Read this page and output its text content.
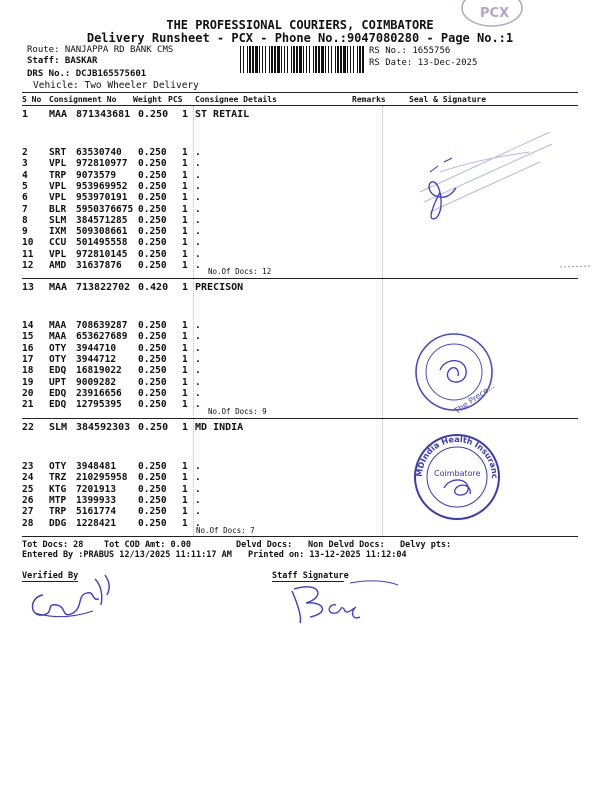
THE PROFESSIONAL COURIERS, COIMBATORE
Delivery Runsheet - PCX - Phone No.:9047080280 - Page No.:1
Route: NANJAPPA RD BANK CMS
Staff: BASKAR
DRS No.: DCJB165575601
Vehicle: Two Wheeler Delivery
RS No.: 1655756
RS Date: 13-Dec-2025
PCX
S No Consignment No Weight PCS Consignee Details	Remarks	Seal & Signature
1 MAA 871343681 0.250 1 ST RETAIL
2 SRT 63530740 0.250 1 .
3 VPL 972810977 0.250 1 .
4 TRP 9073579 0.250 1 .
5 VPL 953969952 0.250 1 .
6 VPL 953970191 0.250 1 .
7 BLR 5950376675 0.250 1 .
8 SLM 384571285 0.250 1 .
9 IXM 509308661 0.250 1 .
10 CCU 501495558 0.250 1 .
11 VPL 972810145 0.250 1 .
12 AMD 31637876 0.250 1 .
No.Of Docs: 12
13 MAA 713822702 0.420 1 PRECISON
14 MAA 708639287 0.250 1 .
15 MAA 653627689 0.250 1 .
16 OTY 3944710 0.250 1 .
17 OTY 3944712 0.250 1 .
18 EDQ 16819022 0.250 1 .
19 UPT 9009282 0.250 1 .
20 EDQ 23916656 0.250 1 .
21 EDQ 12795395 0.250 1 .
No.Of Docs: 9
22 SLM 384592303 0.250 1 MD INDIA
23 OTY 3948481 0.250 1 .
24 TRZ 210295958 0.250 1 .
25 KTG 7201913 0.250 1 .
26 MTP 1399933 0.250 1 .
27 TRP 5161774 0.250 1 .
28 DDG 1228421 0.250 1 .
No.Of Docs: 7
Tot Docs: 28 Tot COD Amt: 0.00	Delvd Docs: Non Delvd Docs: Delvy pts:
Entered By :PRABUS 12/13/2025 11:11:17 AM Printed on: 13-12-2025 11:12:04
Verified By	Staff Signature
The Prece...
MDIndia Health Insurance (T.P.A)
Coimbatore
